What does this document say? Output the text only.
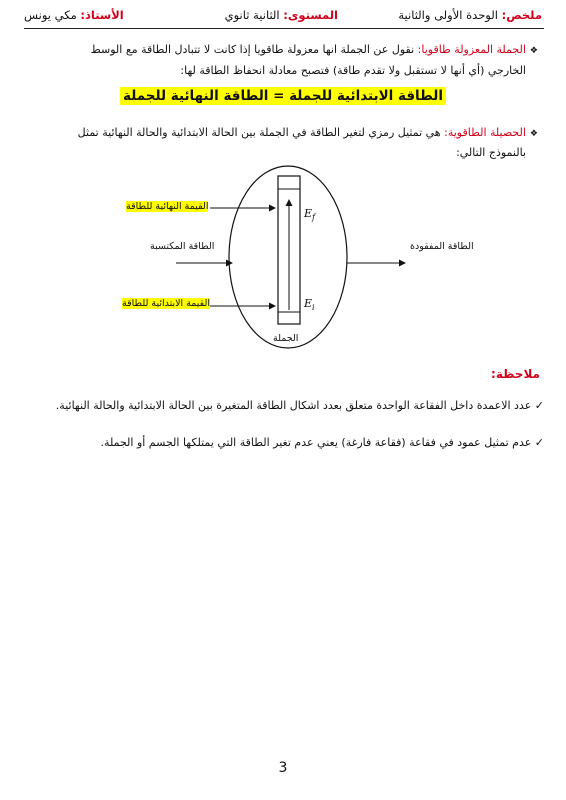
ملخص: الوحدة الأولى والثانية
المستوى: الثانية ثانوي
الأستاذ: مكي يونس
❖الجملة المعزولة طاقويا: نقول عن الجملة انها معزولة طاقويا إذا كانت لا تتبادل الطاقة مع الوسط
الخارجي (أي أنها لا تستقبل ولا تقدم طاقة) فتصبح معادلة انحفاظ الطاقة لها:
الطاقة الابتدائية للجملة = الطاقة النهائية للجملة
❖الحصيلة الطاقوية: هي تمثيل رمزي لتغير الطاقة في الجملة بين الحالة الابتدائية والحالة النهائية تمثل
بالنموذج التالي:
القيمة النهائية للطاقة
الطاقة المكتسبة
القيمة الابتدائية للطاقة
الطاقة المفقودة
الجملة
$E_f$
$E_i$
ملاحظة:
✓ عدد الاعمدة داخل الفقاعة الواحدة متعلق بعدد اشكال الطاقة المتغيرة بين الحالة الابتدائية والحالة النهائية.
✓ عدم تمثيل عمود في فقاعة (فقاعة فارغة) يعني عدم تغير الطاقة التي يمتلكها الجسم أو الجملة.
3
